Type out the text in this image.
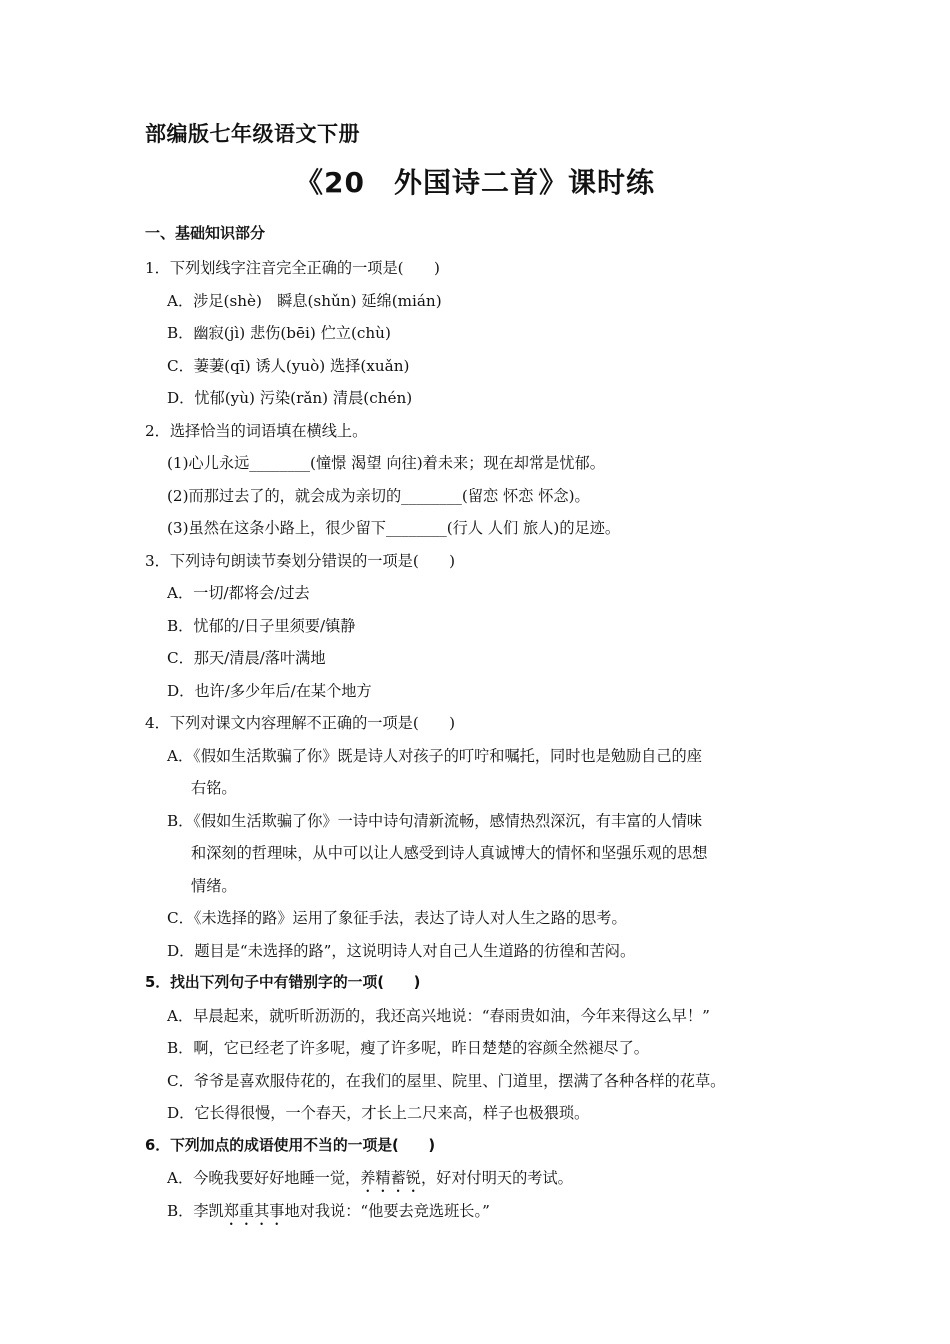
部编版七年级语文下册
《20　外国诗二首》课时练
一、基础知识部分
1．下列划线字注音完全正确的一项是(　　)
A．涉足(shè)　瞬息(shǔn) 延绵(mián)
B．幽寂(jì) 悲伤(bēi) 伫立(chù)
C．萋萋(qī) 诱人(yuò) 选择(xuǎn)
D．忧郁(yù) 污染(rǎn) 清晨(chén)
2．选择恰当的词语填在横线上。
(1)心儿永远________(憧憬 渴望 向往)着未来；现在却常是忧郁。
(2)而那过去了的，就会成为亲切的________(留恋 怀恋 怀念)。
(3)虽然在这条小路上，很少留下________(行人 人们 旅人)的足迹。
3．下列诗句朗读节奏划分错误的一项是(　　)
A．一切/都将会/过去
B．忧郁的/日子里须要/镇静
C．那天/清晨/落叶满地
D．也许/多少年后/在某个地方
4．下列对课文内容理解不正确的一项是(　　)
A．《假如生活欺骗了你》既是诗人对孩子的叮咛和嘱托，同时也是勉励自己的座
右铭。
B．《假如生活欺骗了你》一诗中诗句清新流畅，感情热烈深沉，有丰富的人情味
和深刻的哲理味，从中可以让人感受到诗人真诚博大的情怀和坚强乐观的思想
情绪。
C．《未选择的路》运用了象征手法，表达了诗人对人生之路的思考。
D．题目是“未选择的路”，这说明诗人对自己人生道路的彷徨和苦闷。
5．找出下列句子中有错别字的一项(　　)
A．早晨起来，就听昕沥沥的，我还高兴地说：“春雨贵如油，今年来得这么早！”
B．啊，它已经老了许多呢，瘦了许多呢，昨日楚楚的容颜全然褪尽了。
C．爷爷是喜欢服侍花的，在我们的屋里、院里、门道里，摆满了各种各样的花草。
D．它长得很慢，一个春天，才长上二尺来高，样子也极猥琐。
6．下列加点的成语使用不当的一项是(　　)
A．今晚我要好好地睡一觉，养精蓄锐，好对付明天的考试。
B．李凯郑重其事地对我说：“他要去竞选班长。”
